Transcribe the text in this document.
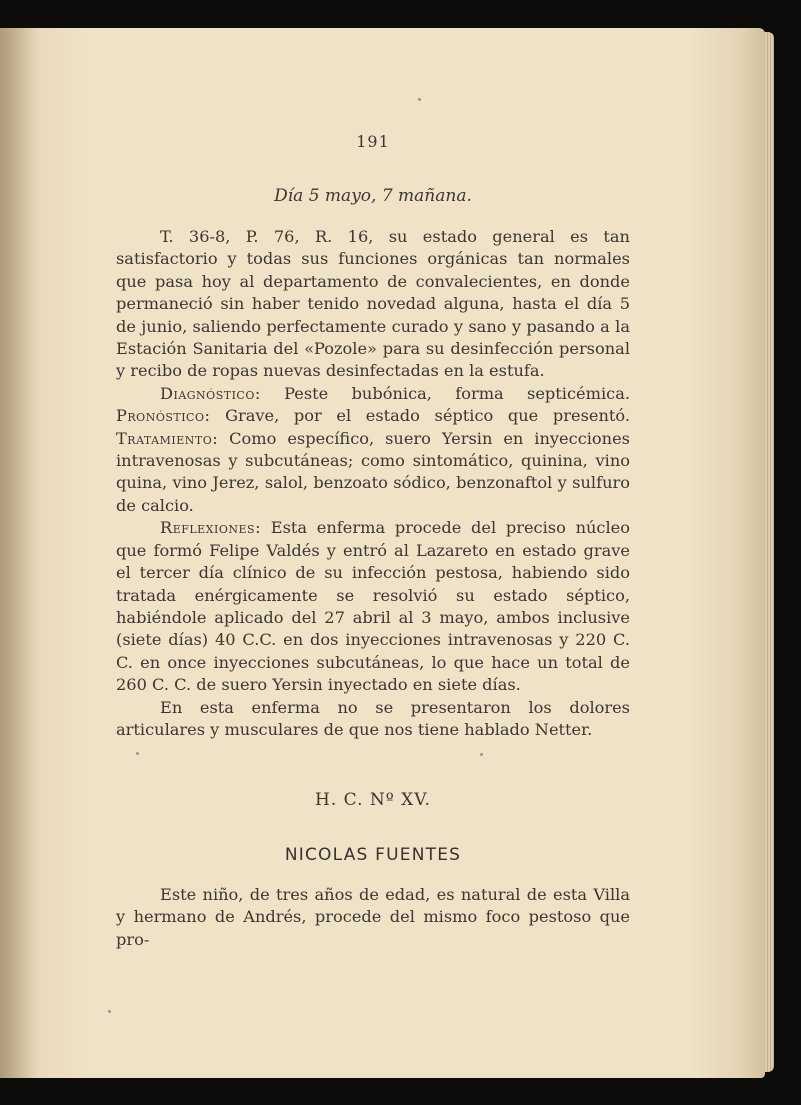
191
Día 5 mayo, 7 mañana.

T. 36-8, P. 76, R. 16, su estado general es tan satisfactorio y todas sus funciones orgánicas tan normales que pasa hoy al departamento de convalecientes, en donde permaneció sin haber tenido novedad alguna, hasta el día 5 de junio, saliendo perfectamente curado y sano y pasando a la Estación Sanitaria del «Pozole» para su desinfección personal y recibo de ropas nuevas desinfectadas en la estufa.

Diagnóstico: Peste bubónica, forma septicémica. Pronóstico: Grave, por el estado séptico que presentó. Tratamiento: Como específico, suero Yersin en inyecciones intravenosas y subcutáneas; como sintomático, quinina, vino quina, vino Jerez, salol, benzoato sódico, benzonaftol y sulfuro de calcio.

Reflexiones: Esta enferma procede del preciso núcleo que formó Felipe Valdés y entró al Lazareto en estado grave el tercer día clínico de su infección pestosa, habiendo sido tratada enérgicamente se resolvió su estado séptico, habiéndole aplicado del 27 abril al 3 mayo, ambos inclusive (siete días) 40 C.C. en dos inyecciones intravenosas y 220 C. C. en once inyecciones subcutáneas, lo que hace un total de 260 C. C. de suero Yersin inyectado en siete días.

En esta enferma no se presentaron los dolores articulares y musculares de que nos tiene hablado Netter.

H. C. Nº XV.
NICOLAS FUENTES

Este niño, de tres años de edad, es natural de esta Villa y hermano de Andrés, procede del mismo foco pestoso que pro-
